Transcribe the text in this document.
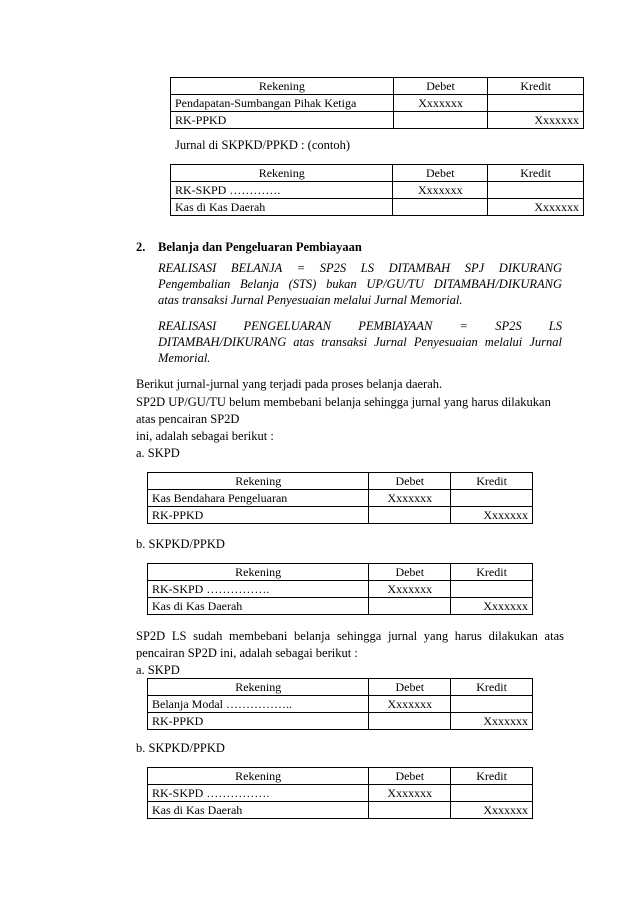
Rekening	Debet	Kredit
Pendapatan-Sumbangan Pihak Ketiga	Xxxxxxx	
RK-PPKD		Xxxxxxx
Jurnal di SKPKD/PPKD : (contoh)
Rekening	Debet	Kredit
RK-SKPD ………….	Xxxxxxx	
Kas di Kas Daerah		Xxxxxxx
2. Belanja dan Pengeluaran Pembiayaan
REALISASI BELANJA = SP2S LS DITAMBAH SPJ DIKURANG
Pengembalian Belanja (STS) bukan UP/GU/TU DITAMBAH/DIKURANG
atas transaksi Jurnal Penyesuaian melalui Jurnal Memorial.
REALISASI PENGELUARAN PEMBIAYAAN = SP2S LS
DITAMBAH/DIKURANG atas transaksi Jurnal Penyesuaian melalui Jurnal
Memorial.
Berikut jurnal-jurnal yang terjadi pada proses belanja daerah.
SP2D UP/GU/TU belum membebani belanja sehingga jurnal yang harus dilakukan
atas pencairan SP2D
ini, adalah sebagai berikut :
a. SKPD
Rekening	Debet	Kredit
Kas Bendahara Pengeluaran	Xxxxxxx	
RK-PPKD		Xxxxxxx
b. SKPKD/PPKD
Rekening	Debet	Kredit
RK-SKPD …………….	Xxxxxxx	
Kas di Kas Daerah		Xxxxxxx
SP2D LS sudah membebani belanja sehingga jurnal yang harus dilakukan atas
pencairan SP2D ini, adalah sebagai berikut :
a. SKPD
Rekening	Debet	Kredit
Belanja Modal ……………..	Xxxxxxx	
RK-PPKD		Xxxxxxx
b. SKPKD/PPKD
Rekening	Debet	Kredit
RK-SKPD …………….	Xxxxxxx	
Kas di Kas Daerah		Xxxxxxx
